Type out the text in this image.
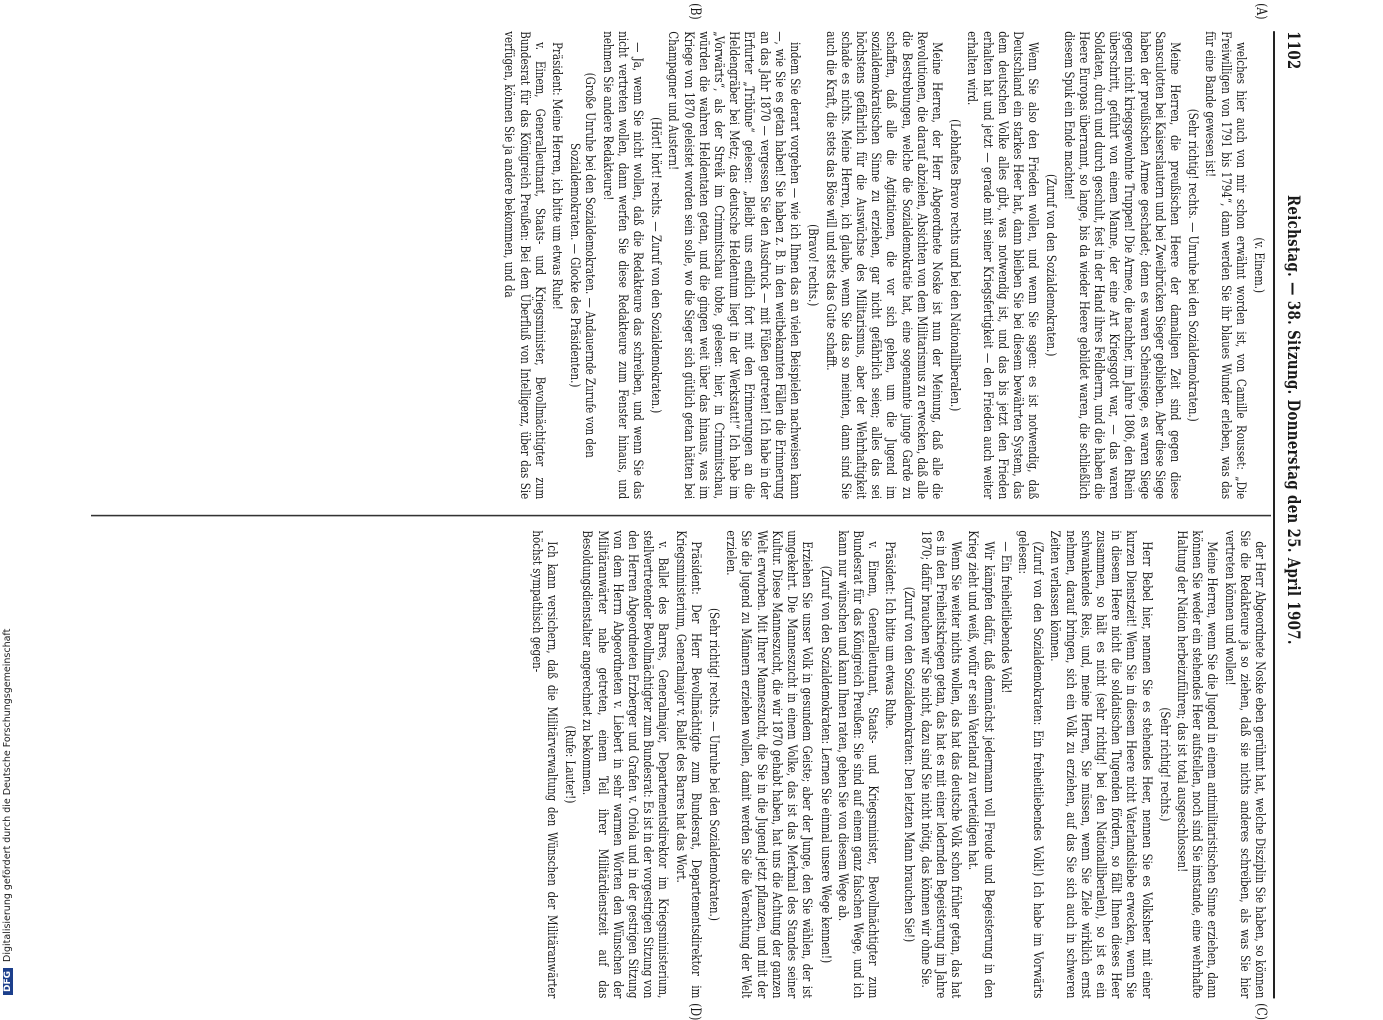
1102
Reichstag. — 38. Sitzung. Donnerstag den 25. April 1907.
(A)
(B)
(C)
(D)

(v. Einem.)

welches hier auch von mir schon erwähnt worden ist, von Camille Rousset: „Die Freiwilligen von 1791 bis 1794“, dann werden Sie ihr blaues Wunder erleben, was das für eine Bande gewesen ist!

(Sehr richtig! rechts. — Unruhe bei den Sozialdemokraten.)

Meine Herren, die preußischen Heere der damaligen Zeit sind gegen diese Sansculotten bei Kaiserslautern und bei Zweibrücken Sieger geblieben. Aber diese Siege haben der preußischen Armee geschadet; denn es waren Scheinsiege, es waren Siege gegen nicht kriegsgewohnte Truppen! Die Armee, die nachher, im Jahre 1806, den Rhein überschritt, geführt von einem Manne, der eine Art Kriegsgott war, — das waren Soldaten, durch und durch geschult, fest in der Hand ihres Feldherrn, und die haben die Heere Europas überrannt, so lange, bis da wieder Heere gebildet waren, die schließlich diesem Spuk ein Ende machten!

(Zuruf von den Sozialdemokraten.)

Wenn Sie also den Frieden wollen, und wenn Sie sagen: es ist notwendig, daß Deutschland ein starkes Heer hat, dann bleiben Sie bei diesem bewährten System, das dem deutschen Volke alles gibt, was notwendig ist, und das bis jetzt den Frieden erhalten hat und jetzt — gerade mit seiner Kriegsfertigkeit — den Frieden auch weiter erhalten wird.

(Lebhaftes Bravo rechts und bei den Nationalliberalen.)

Meine Herren, der Herr Abgeordnete Noske ist nun der Meinung, daß alle die Revolutionen, die darauf abzielen, Absichten von dem Militarismus zu erwecken, daß alle die Bestrebungen, welche die Sozialdemokratie hat, eine sogenannte junge Garde zu schaffen, daß alle die Agitationen, die vor sich gehen, um die Jugend im sozialdemokratischen Sinne zu erziehen, gar nicht gefährlich seien; alles das sei höchstens gefährlich für die Auswüchse des Militarismus, aber der Wehrhaftigkeit schade es nichts. Meine Herren, ich glaube, wenn Sie das so meinten, dann sind Sie auch die Kraft, die stets das Böse will und stets das Gute schafft.

(Bravo! rechts.)

indem Sie derart vorgehen — wie ich Ihnen das an vielen Beispielen nachweisen kann —, wie Sie es getan haben! Sie haben z. B. in den weitbekannten Fällen die Erinnerung an das Jahr 1870 — vergessen Sie den Ausdruck — mit Füßen getreten! Ich habe in der Erfurter „Tribüne“ gelesen: „Bleibt uns endlich fort mit den Erinnerungen an die Heldengräber bei Metz; das deutsche Heldentum liegt in der Werkstatt!“ Ich habe im „Vorwärts“, als der Streik im Crimmitschau tobte, gelesen: hier, in Crimmitschau, würden die wahren Heldentaten getan, und die gingen weit über das hinaus, was im Kriege von 1870 geleistet worden sein solle, wo die Sieger sich gütlich getan hätten bei Champagner und Austern!

(Hört! hört! rechts. — Zuruf von den Sozialdemokraten.)

— Ja, wenn Sie nicht wollen, daß die Redakteure das schreiben, und wenn Sie das nicht vertreten wollen, dann werfen Sie diese Redakteure zum Fenster hinaus, und nehmen Sie andere Redakteure!

(Große Unruhe bei den Sozialdemokraten. — Andauernde Zurufe von den Sozialdemokraten. — Glocke des Präsidenten.)

Präsident: Meine Herren, ich bitte um etwas Ruhe!

v. Einem, Generalleutnant, Staats- und Kriegsminister, Bevollmächtigter zum Bundesrat für das Königreich Preußen: Bei dem Überfluß von Intelligenz, über das Sie verfügen, können Sie ja andere bekommen, und da

der Herr Abgeordnete Noske eben gerühmt hat, welche Disziplin Sie haben, so können Sie die Redakteure ja so ziehen, daß sie nichts anderes schreiben, als was Sie hier vertreten können und wollen!

Meine Herren, wenn Sie die Jugend in einem antimilitaristischen Sinne erziehen, dann können Sie weder ein stehendes Heer aufstellen, noch sind Sie imstande, eine wehrhafte Haltung der Nation herbeizuführen; das ist total ausgeschlossen!

(Sehr richtig! rechts.)

Herr Bebel hier, nennen Sie es stehendes Heer, nennen Sie es Volksheer mit einer kurzen Dienstzeit! Wenn Sie in diesem Heere nicht Vaterlandsliebe erwecken, wenn Sie in diesem Heere nicht die soldatischen Tugenden fördern, so fällt Ihnen dieses Heer zusammen, so hält es nicht (sehr richtig! bei den Nationalliberalen), so ist es ein schwankendes Reis, und, meine Herren, Sie müssen, wenn Sie Ziele wirklich ernst nehmen, darauf bringen, sich ein Volk zu erziehen, auf das Sie sich auch in schweren Zeiten verlassen können.

(Zuruf von den Sozialdemokraten: Ein freiheitliebendes Volk!) Ich habe im Vorwärts gelesen:

— Ein freiheitliebendes Volk!

Wir kämpfen dafür, daß demnächst jedermann voll Freude und Begeisterung in den Krieg zieht und weiß, wofür er sein Vaterland zu verteidigen hat.

Wenn Sie weiter nichts wollen, das hat das deutsche Volk schon früher getan, das hat es in den Freiheitskriegen getan, das hat es mit einer lodernden Begeisterung im Jahre 1870; dafür brauchen wir Sie nicht, dazu sind Sie nicht nötig, das können wir ohne Sie.

(Zuruf von den Sozialdemokraten: Den letzten Mann brauchen Sie!)

Präsident: Ich bitte um etwas Ruhe.

v. Einem, Generalleutnant, Staats- und Kriegsminister, Bevollmächtigter zum Bundesrat für das Königreich Preußen: Sie sind auf einem ganz falschen Wege, und ich kann nur wünschen und kann Ihnen raten, gehen Sie von diesem Wege ab.

(Zuruf von den Sozialdemokraten: Lernen Sie einmal unsere Wege kennen!)

Erziehen Sie unser Volk in gesundem Geiste; aber der Junge, den Sie wählen, der ist umgekehrt. Die Manneszucht in einem Volke, das ist das Merkmal des Standes seiner Kultur. Diese Manneszucht, die wir 1870 gehabt haben, hat uns die Achtung der ganzen Welt erworben. Mit Ihrer Manneszucht, die Sie in die Jugend jetzt pflanzen, und mit der Sie die Jugend zu Männern erziehen wollen, damit werden Sie die Verachtung der Welt erzielen.

(Sehr richtig! rechts. — Unruhe bei den Sozialdemokraten.)

Präsident: Der Herr Bevollmächtigte zum Bundesrat, Departementsdirektor im Kriegsministerium, Generalmajor v. Ballet des Barres hat das Wort.

v. Ballet des Barres, Generalmajor, Departementsdirektor im Kriegsministerium, stellvertretender Bevollmächtigter zum Bundesrat: Es ist in der vorgestrigen Sitzung von den Herren Abgeordneten Erzberger und Grafen v. Oriola und in der gestrigen Sitzung von dem Herrn Abgeordneten v. Liebert in sehr warmen Worten den Wünschen der Militäranwärter nahe getreten, einem Teil ihrer Militärdienstzeit auf das Besoldungsdienstalter angerechnet zu bekommen.

(Rufe: Lauter!)

Ich kann versichern, daß die Militärverwaltung den Wünschen der Militäranwärter höchst sympathisch gegen-

DFGDigitalisierung gefördert durch die Deutsche Forschungsgemeinschaft
